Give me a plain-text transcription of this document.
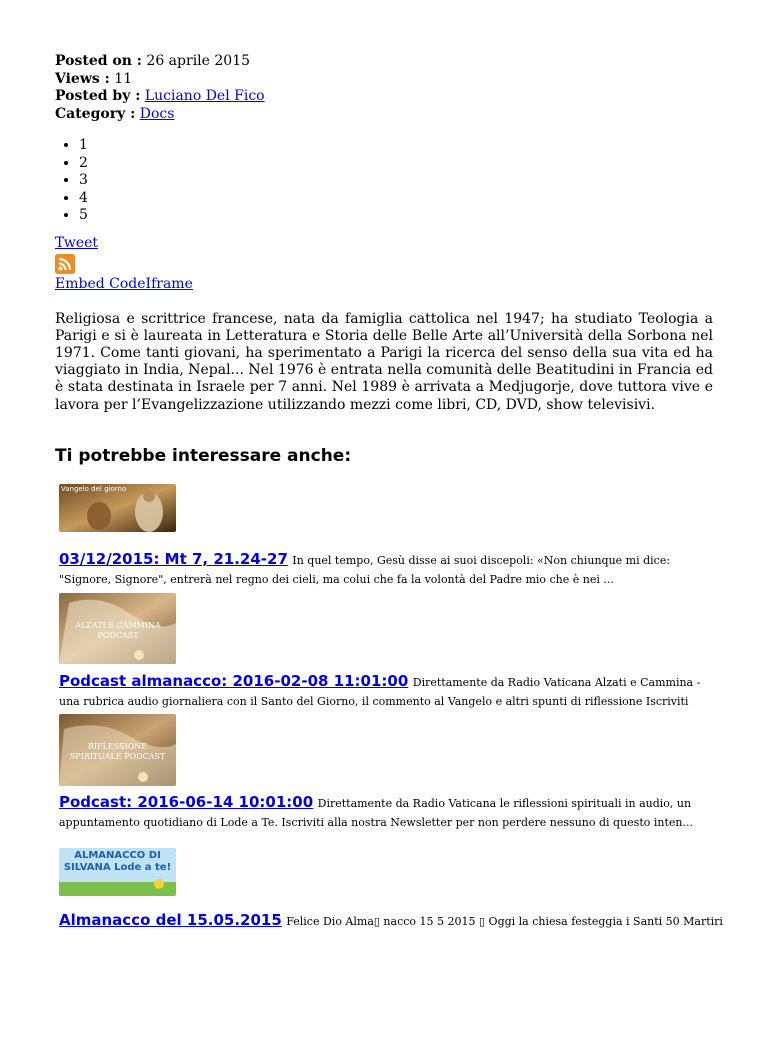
Posted on : 26 aprile 2015
Views : 11
Posted by : Luciano Del Fico
Category : Docs
• 1
• 2
• 3
• 4
• 5
Tweet
Embed CodeIframe

Religiosa e scrittrice francese, nata da famiglia cattolica nel 1947; ha studiato Teologia a Parigi e si è laureata in Letteratura e Storia delle Belle Arte all’Università della Sorbona nel 1971. Come tanti giovani, ha sperimentato a Parigi la ricerca del senso della sua vita ed ha viaggiato in India, Nepal... Nel 1976 è entrata nella comunità delle Beatitudini in Francia ed è stata destinata in Israele per 7 anni. Nel 1989 è arrivata a Medjugorje, dove tuttora vive e lavora per l’Evangelizzazione utilizzando mezzi come libri, CD, DVD, show televisivi.

Ti potrebbe interessare anche:
Vangelo del giorno
03/12/2015: Mt 7, 21.24-27 In quel tempo, Gesù disse ai suoi discepoli: «Non chiunque mi dice: "Signore, Signore", entrerà nel regno dei cieli, ma colui che fa la volontà del Padre mio che è nei ...
ALZATI E CAMMINA PODCAST
Podcast almanacco: 2016-02-08 11:01:00 Direttamente da Radio Vaticana Alzati e Cammina - una rubrica audio giornaliera con il Santo del Giorno, il commento al Vangelo e altri spunti di riflessione Iscriviti
RIFLESSIONE SPIRITUALE PODCAST
Podcast: 2016-06-14 10:01:00 Direttamente da Radio Vaticana le riflessioni spirituali in audio, un appuntamento quotidiano di Lode a Te. Iscriviti alla nostra Newsletter per non perdere nessuno di questo inten...
ALMANACCO DI SILVANA Lode a te!
Almanacco del 15.05.2015 Felice Dio Alma▯ nacco 15 5 2015 ▯ Oggi la chiesa festeggia i Santi 50 Martiri
